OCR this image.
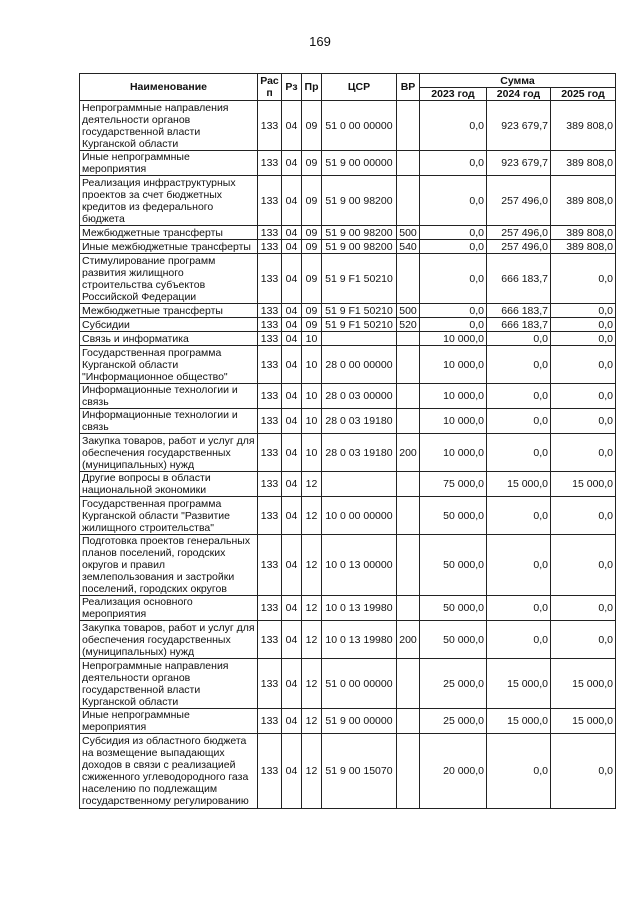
169
Наименование	Рас п	Рз	Пр	ЦСР	ВР	Сумма		
						2023 год	2024 год	2025 год
Непрограммные направления деятельности органов государственной власти Курганской области	133	04	09	51 0 00 00000		0,0	923 679,7	389 808,0
Иные непрограммные мероприятия	133	04	09	51 9 00 00000		0,0	923 679,7	389 808,0
Реализация инфраструктурных проектов за счет бюджетных кредитов из федерального бюджета	133	04	09	51 9 00 98200		0,0	257 496,0	389 808,0
Межбюджетные трансферты	133	04	09	51 9 00 98200	500	0,0	257 496,0	389 808,0
Иные межбюджетные трансферты	133	04	09	51 9 00 98200	540	0,0	257 496,0	389 808,0
Стимулирование программ развития жилищного строительства субъектов Российской Федерации	133	04	09	51 9 F1 50210		0,0	666 183,7	0,0
Межбюджетные трансферты	133	04	09	51 9 F1 50210	500	0,0	666 183,7	0,0
Субсидии	133	04	09	51 9 F1 50210	520	0,0	666 183,7	0,0
Связь и информатика	133	04	10			10 000,0	0,0	0,0
Государственная программа Курганской области "Информационное общество"	133	04	10	28 0 00 00000		10 000,0	0,0	0,0
Информационные технологии и связь	133	04	10	28 0 03 00000		10 000,0	0,0	0,0
Информационные технологии и связь	133	04	10	28 0 03 19180		10 000,0	0,0	0,0
Закупка товаров, работ и услуг для обеспечения государственных (муниципальных) нужд	133	04	10	28 0 03 19180	200	10 000,0	0,0	0,0
Другие вопросы в области национальной экономики	133	04	12			75 000,0	15 000,0	15 000,0
Государственная программа Курганской области "Развитие жилищного строительства"	133	04	12	10 0 00 00000		50 000,0	0,0	0,0
Подготовка проектов генеральных планов поселений, городских округов и правил землепользования и застройки поселений, городских округов	133	04	12	10 0 13 00000		50 000,0	0,0	0,0
Реализация основного мероприятия	133	04	12	10 0 13 19980		50 000,0	0,0	0,0
Закупка товаров, работ и услуг для обеспечения государственных (муниципальных) нужд	133	04	12	10 0 13 19980	200	50 000,0	0,0	0,0
Непрограммные направления деятельности органов государственной власти Курганской области	133	04	12	51 0 00 00000		25 000,0	15 000,0	15 000,0
Иные непрограммные мероприятия	133	04	12	51 9 00 00000		25 000,0	15 000,0	15 000,0
Субсидия из областного бюджета на возмещение выпадающих доходов в связи с реализацией сжиженного углеводородного газа населению по подлежащим государственному регулированию	133	04	12	51 9 00 15070		20 000,0	0,0	0,0
